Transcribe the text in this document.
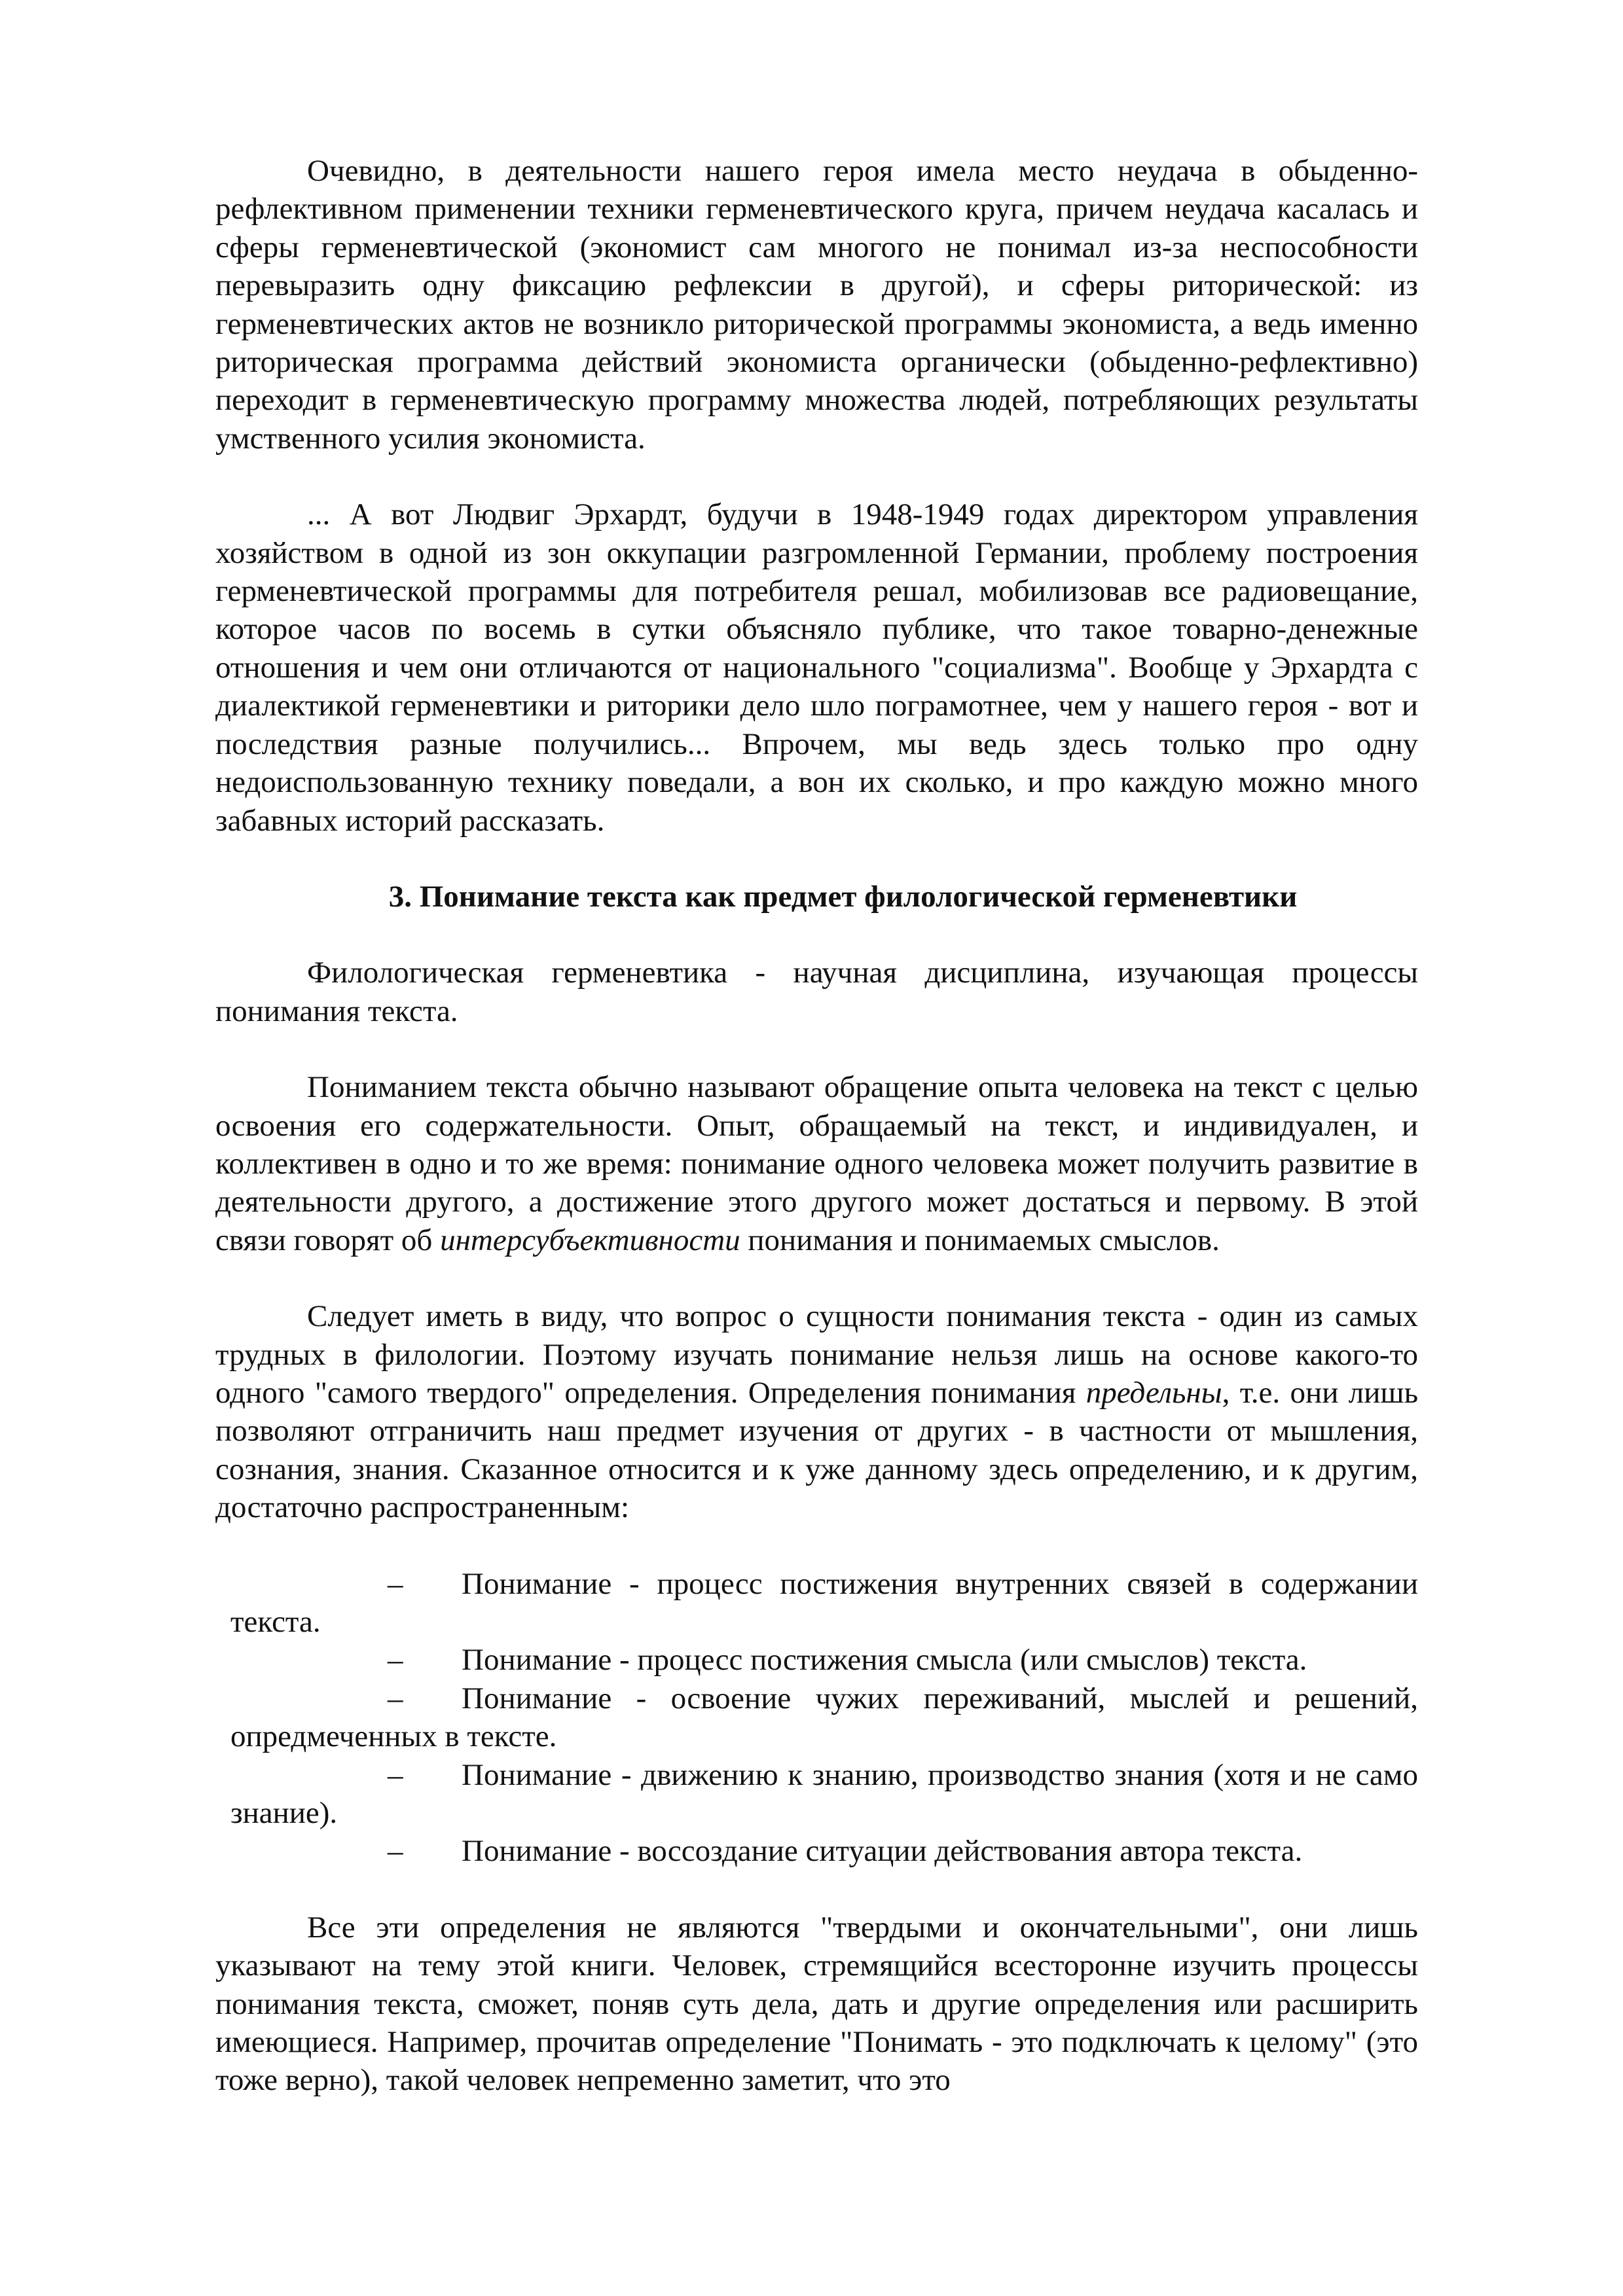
Очевидно, в деятельности нашего героя имела место неудача в обыденно-рефлективном применении техники герменевтического круга, причем неудача касалась и сферы герменевтической (экономист сам многого не понимал из-за неспособности перевыразить одну фиксацию рефлексии в другой), и сферы риторической: из герменевтических актов не возникло риторической программы экономиста, а ведь именно риторическая программа действий экономиста органически (обыденно-рефлективно) переходит в герменевтическую программу множества людей, потребляющих результаты умственного усилия экономиста.

... А вот Людвиг Эрхардт, будучи в 1948-1949 годах директором управления хозяйством в одной из зон оккупации разгромленной Германии, проблему построения герменевтической программы для потребителя решал, мобилизовав все радиовещание, которое часов по восемь в сутки объясняло публике, что такое товарно-денежные отношения и чем они отличаются от национального "социализма". Вообще у Эрхардта с диалектикой герменевтики и риторики дело шло пограмотнее, чем у нашего героя - вот и последствия разные получились... Впрочем, мы ведь здесь только про одну недоиспользованную технику поведали, а вон их сколько, и про каждую можно много забавных историй рассказать.

3. Понимание текста как предмет филологической герменевтики

Филологическая герменевтика - научная дисциплина, изучающая процессы понимания текста.

Пониманием текста обычно называют обращение опыта человека на текст с целью освоения его содержательности. Опыт, обращаемый на текст, и индивидуален, и коллективен в одно и то же время: понимание одного человека может получить развитие в деятельности другого, а достижение этого другого может достаться и первому. В этой связи говорят об интерсубъективности понимания и понимаемых смыслов.

Следует иметь в виду, что вопрос о сущности понимания текста - один из самых трудных в филологии. Поэтому изучать понимание нельзя лишь на основе какого-то одного "самого твердого" определения. Определения понимания предельны, т.е. они лишь позволяют отграничить наш предмет изучения от других - в частности от мышления, сознания, знания. Сказанное относится и к уже данному здесь определению, и к другим, достаточно распространенным:

– Понимание - процесс постижения внутренних связей в содержании текста.
– Понимание - процесс постижения смысла (или смыслов) текста.
– Понимание - освоение чужих переживаний, мыслей и решений, опредмеченных в тексте.
– Понимание - движению к знанию, производство знания (хотя и не само знание).
– Понимание - воссоздание ситуации действования автора текста.

Все эти определения не являются "твердыми и окончательными", они лишь указывают на тему этой книги. Человек, стремящийся всесторонне изучить процессы понимания текста, сможет, поняв суть дела, дать и другие определения или расширить имеющиеся. Например, прочитав определение "Понимать - это подключать к целому" (это тоже верно), такой человек непременно заметит, что это
